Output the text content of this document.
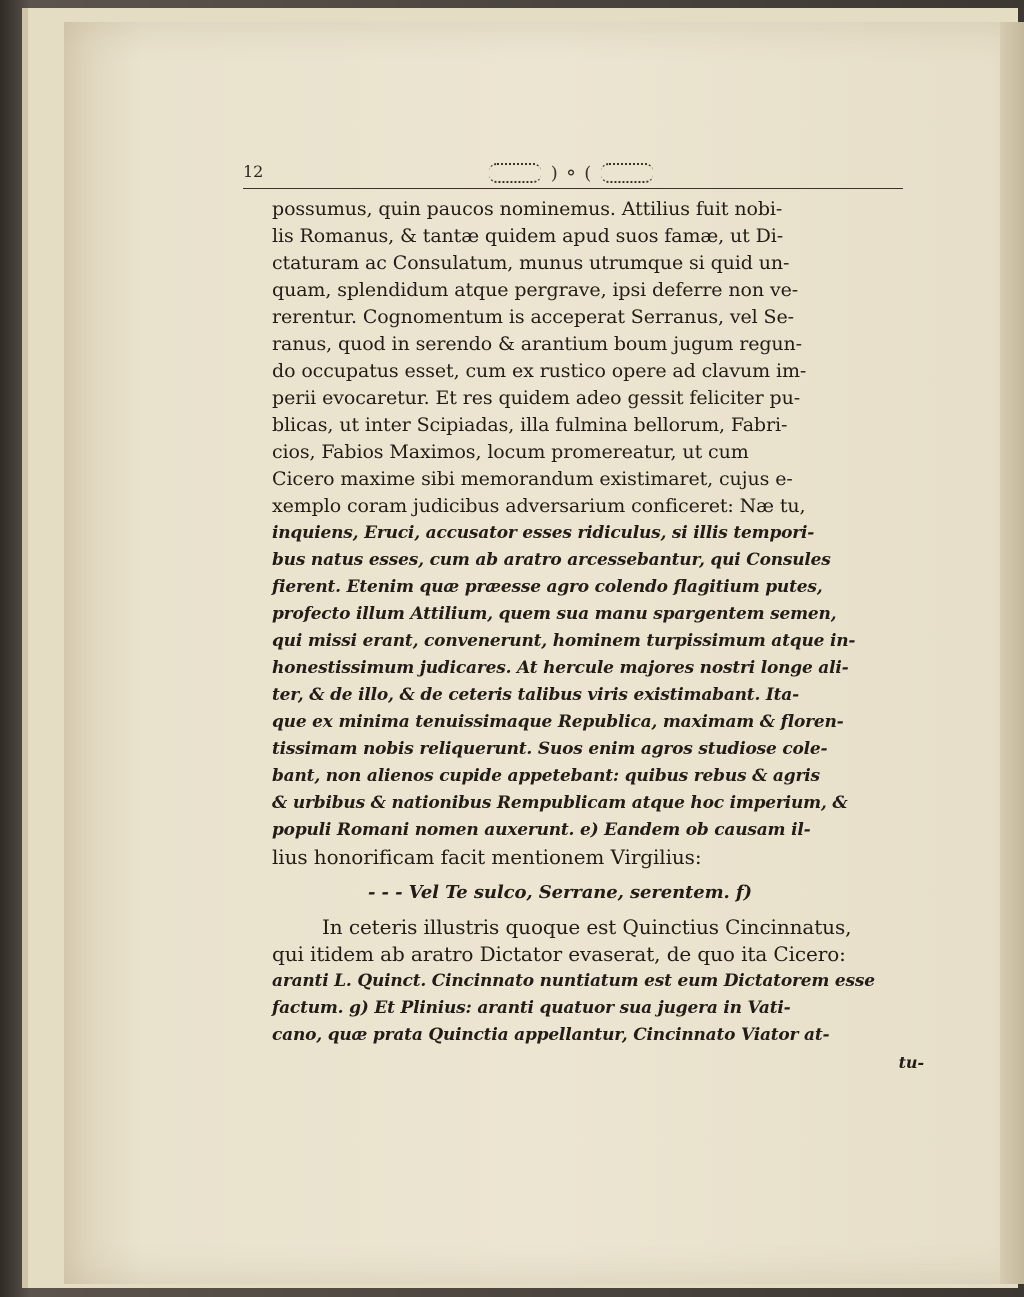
12	) ⚬ (
possumus, quin paucos nominemus. Attilius fuit nobi-
lis Romanus, & tantæ quidem apud suos famæ, ut Di-
ctaturam ac Consulatum, munus utrumque si quid un-
quam, splendidum atque pergrave, ipsi deferre non ve-
rerentur. Cognomentum is acceperat Serranus, vel Se-
ranus, quod in serendo & arantium boum jugum regun-
do occupatus esset, cum ex rustico opere ad clavum im-
perii evocaretur. Et res quidem adeo gessit feliciter pu-
blicas, ut inter Scipiadas, illa fulmina bellorum, Fabri-
cios, Fabios Maximos, locum promereatur, ut cum
Cicero maxime sibi memorandum existimaret, cujus e-
xemplo coram judicibus adversarium conficeret: Næ tu,
inquiens, Eruci, accusator esses ridiculus, si illis tempori-
bus natus esses, cum ab aratro arcessebantur, qui Consules
fierent. Etenim quæ præesse agro colendo flagitium putes,
profecto illum Attilium, quem sua manu spargentem semen,
qui missi erant, convenerunt, hominem turpissimum atque in-
honestissimum judicares. At hercule majores nostri longe ali-
ter, & de illo, & de ceteris talibus viris existimabant. Ita-
que ex minima tenuissimaque Republica, maximam & floren-
tissimam nobis reliquerunt. Suos enim agros studiose cole-
bant, non alienos cupide appetebant: quibus rebus & agris
& urbibus & nationibus Rempublicam atque hoc imperium, &
populi Romani nomen auxerunt. e) Eandem ob causam il-
lius honorificam facit mentionem Virgilius:
- - - Vel Te sulco, Serrane, serentem. f)
In ceteris illustris quoque est Quinctius Cincinnatus,
qui itidem ab aratro Dictator evaserat, de quo ita Cicero:
aranti L. Quinct. Cincinnato nuntiatum est eum Dictatorem esse
factum. g) Et Plinius: aranti quatuor sua jugera in Vati-
cano, quæ prata Quinctia appellantur, Cincinnato Viator at-
tu-
